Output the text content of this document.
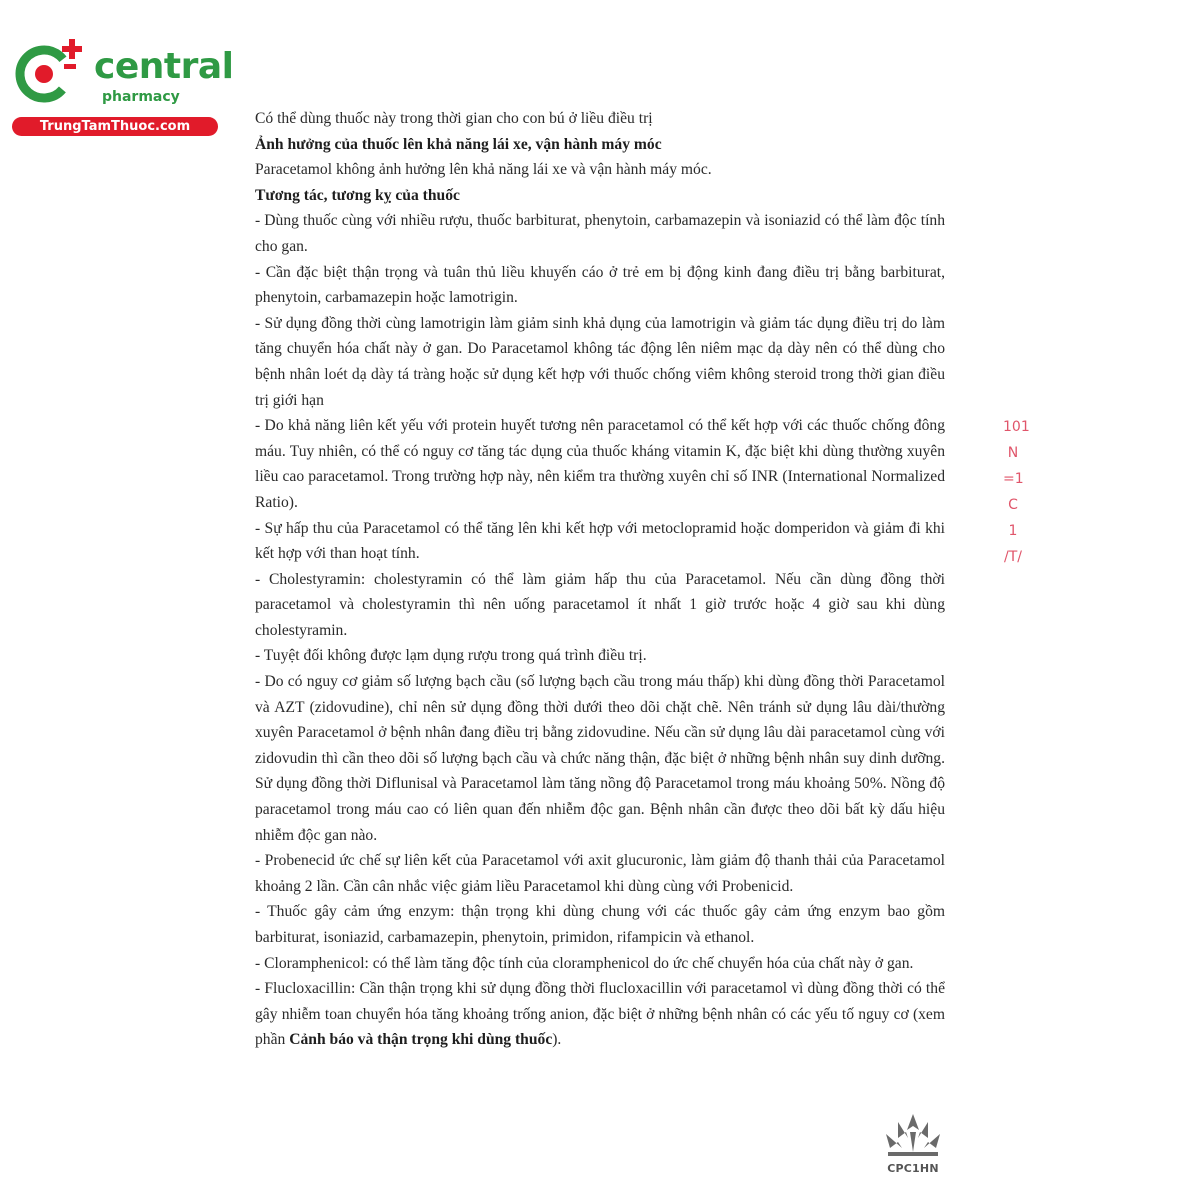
central
pharmacy
TrungTamThuoc.com	Có thể dùng thuốc này trong thời gian cho con bú ở liều điều trị

Ảnh hưởng của thuốc lên khả năng lái xe, vận hành máy móc

Paracetamol không ảnh hưởng lên khả năng lái xe và vận hành máy móc.

Tương tác, tương kỵ của thuốc

- Dùng thuốc cùng với nhiều rượu, thuốc barbiturat, phenytoin, carbamazepin và isoniazid có thể làm độc tính cho gan.

- Cần đặc biệt thận trọng và tuân thủ liều khuyến cáo ở trẻ em bị động kinh đang điều trị bằng barbiturat, phenytoin, carbamazepin hoặc lamotrigin.

- Sử dụng đồng thời cùng lamotrigin làm giảm sinh khả dụng của lamotrigin và giảm tác dụng điều trị do làm tăng chuyển hóa chất này ở gan. Do Paracetamol không tác động lên niêm mạc dạ dày nên có thể dùng cho bệnh nhân loét dạ dày tá tràng hoặc sử dụng kết hợp với thuốc chống viêm không steroid trong thời gian điều trị giới hạn

- Do khả năng liên kết yếu với protein huyết tương nên paracetamol có thể kết hợp với các thuốc chống đông máu. Tuy nhiên, có thể có nguy cơ tăng tác dụng của thuốc kháng vitamin K, đặc biệt khi dùng thường xuyên liều cao paracetamol. Trong trường hợp này, nên kiểm tra thường xuyên chỉ số INR (International Normalized Ratio).

- Sự hấp thu của Paracetamol có thể tăng lên khi kết hợp với metoclopramid hoặc domperidon và giảm đi khi kết hợp với than hoạt tính.

- Cholestyramin: cholestyramin có thể làm giảm hấp thu của Paracetamol. Nếu cần dùng đồng thời paracetamol và cholestyramin thì nên uống paracetamol ít nhất 1 giờ trước hoặc 4 giờ sau khi dùng cholestyramin.

- Tuyệt đối không được lạm dụng rượu trong quá trình điều trị.

- Do có nguy cơ giảm số lượng bạch cầu (số lượng bạch cầu trong máu thấp) khi dùng đồng thời Paracetamol và AZT (zidovudine), chỉ nên sử dụng đồng thời dưới theo dõi chặt chẽ. Nên tránh sử dụng lâu dài/thường xuyên Paracetamol ở bệnh nhân đang điều trị bằng zidovudine. Nếu cần sử dụng lâu dài paracetamol cùng với zidovudin thì cần theo dõi số lượng bạch cầu và chức năng thận, đặc biệt ở những bệnh nhân suy dinh dưỡng. Sử dụng đồng thời Diflunisal và Paracetamol làm tăng nồng độ Paracetamol trong máu khoảng 50%. Nồng độ paracetamol trong máu cao có liên quan đến nhiễm độc gan. Bệnh nhân cần được theo dõi bất kỳ dấu hiệu nhiễm độc gan nào.

- Probenecid ức chế sự liên kết của Paracetamol với axit glucuronic, làm giảm độ thanh thải của Paracetamol khoảng 2 lần. Cần cân nhắc việc giảm liều Paracetamol khi dùng cùng với Probenicid.

- Thuốc gây cảm ứng enzym: thận trọng khi dùng chung với các thuốc gây cảm ứng enzym bao gồm barbiturat, isoniazid, carbamazepin, phenytoin, primidon, rifampicin và ethanol.

- Cloramphenicol: có thể làm tăng độc tính của cloramphenicol do ức chế chuyển hóa của chất này ở gan.

- Flucloxacillin: Cần thận trọng khi sử dụng đồng thời flucloxacillin với paracetamol vì dùng đồng thời có thể gây nhiễm toan chuyển hóa tăng khoảng trống anion, đặc biệt ở những bệnh nhân có các yếu tố nguy cơ (xem phần Cảnh báo và thận trọng khi dùng thuốc).

101
N
=1
C
1
/T/
CPC1HN
